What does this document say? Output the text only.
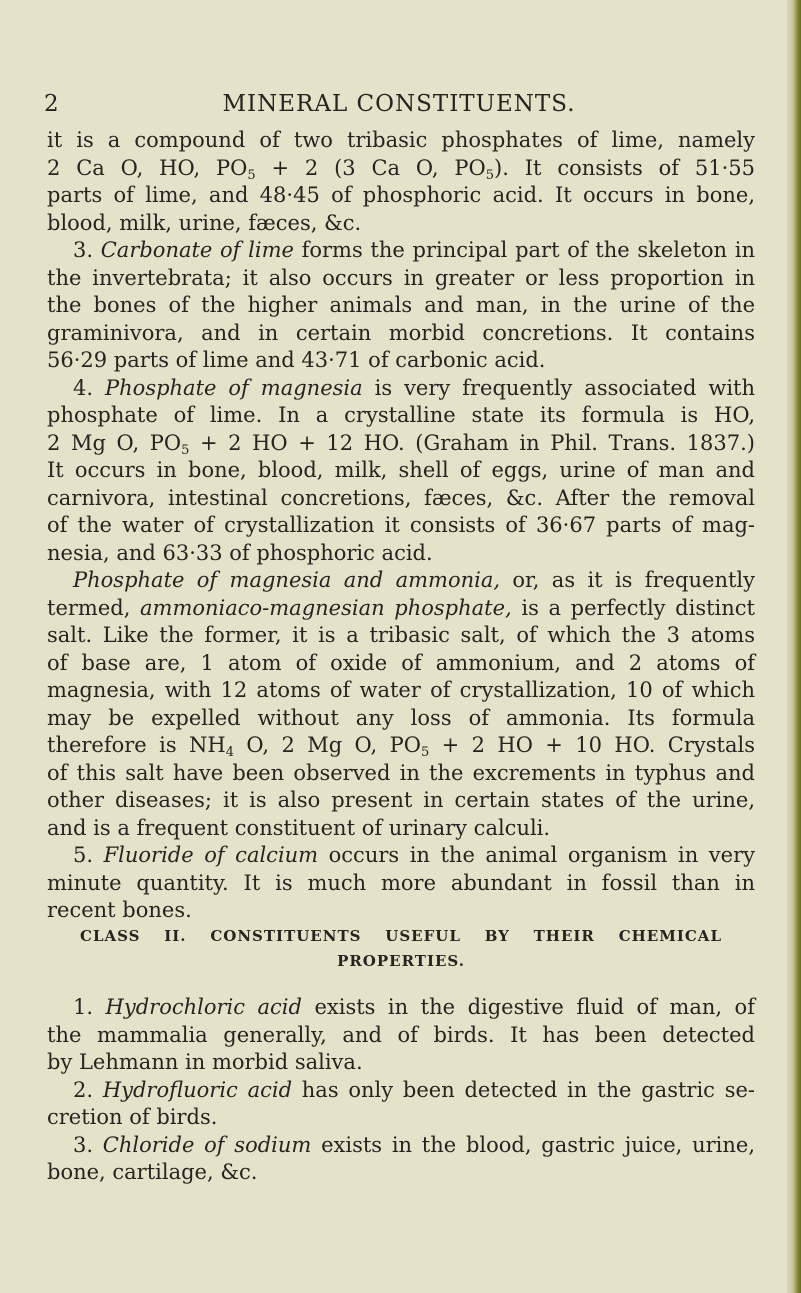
2	MINERAL CONSTITUENTS.
it is a compound of two tribasic phosphates of lime, namely
2 Ca O, HO, $PO_5 + 2$ (3 Ca O, $PO_5$). It consists of 51·55
parts of lime, and 48·45 of phosphoric acid. It occurs in bone,
blood, milk, urine, fæces, &c.
3. Carbonate of lime forms the principal part of the skeleton in
the invertebrata; it also occurs in greater or less proportion in
the bones of the higher animals and man, in the urine of the
graminivora, and in certain morbid concretions. It contains
56·29 parts of lime and 43·71 of carbonic acid.
4. Phosphate of magnesia is very frequently associated with
phosphate of lime. In a crystalline state its formula is HO,
2 Mg O, $PO_5 + 2$ HO + 12 HO. (Graham in Phil. Trans. 1837.)
It occurs in bone, blood, milk, shell of eggs, urine of man and
carnivora, intestinal concretions, fæces, &c. After the removal
of the water of crystallization it consists of 36·67 parts of mag-
nesia, and 63·33 of phosphoric acid.
Phosphate of magnesia and ammonia, or, as it is frequently
termed, ammoniaco-magnesian phosphate, is a perfectly distinct
salt. Like the former, it is a tribasic salt, of which the 3 atoms
of base are, 1 atom of oxide of ammonium, and 2 atoms of
magnesia, with 12 atoms of water of crystallization, 10 of which
may be expelled without any loss of ammonia. Its formula
therefore is $NH_4$ O, 2 Mg O, $PO_5 + 2$ HO + 10 HO. Crystals
of this salt have been observed in the excrements in typhus and
other diseases; it is also present in certain states of the urine,
and is a frequent constituent of urinary calculi.
5. Fluoride of calcium occurs in the animal organism in very
minute quantity. It is much more abundant in fossil than in
recent bones.
CLASS II. CONSTITUENTS USEFUL BY THEIR CHEMICAL
PROPERTIES.
1. Hydrochloric acid exists in the digestive fluid of man, of
the mammalia generally, and of birds. It has been detected
by Lehmann in morbid saliva.
2. Hydrofluoric acid has only been detected in the gastric se-
cretion of birds.
3. Chloride of sodium exists in the blood, gastric juice, urine,
bone, cartilage, &c.
